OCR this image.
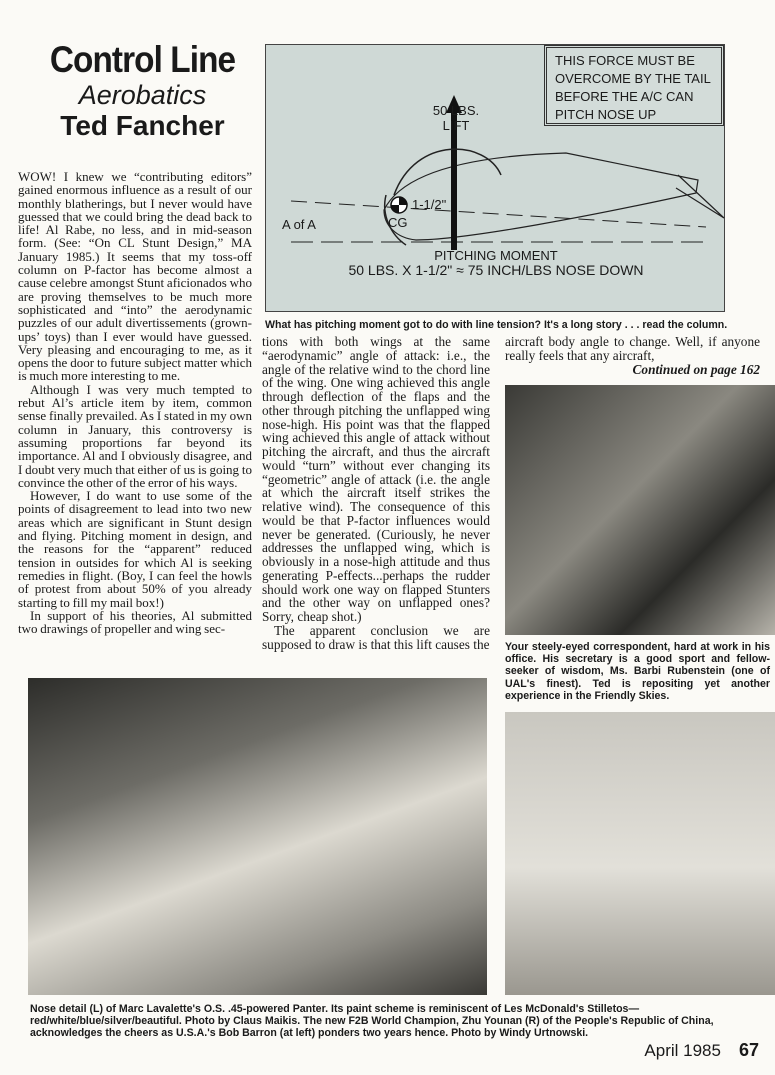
Control Line
Aerobatics
Ted Fancher

WOW! I knew we “contributing editors” gained enormous influence as a result of our monthly blatherings, but I never would have guessed that we could bring the dead back to life! Al Rabe, no less, and in mid-season form. (See: “On CL Stunt Design,” MA January 1985.) It seems that my toss-off column on P-factor has become almost a cause celebre amongst Stunt aficionados who are proving themselves to be much more sophisticated and “into” the aerodynamic puzzles of our adult divertissements (grown-ups’ toys) than I ever would have guessed. Very pleasing and encouraging to me, as it opens the door to future subject matter which is much more interesting to me.

Although I was very much tempted to rebut Al’s article item by item, common sense finally prevailed. As I stated in my own column in January, this controversy is assuming proportions far beyond its importance. Al and I obviously disagree, and I doubt very much that either of us is going to convince the other of the error of his ways.

However, I do want to use some of the points of disagreement to lead into two new areas which are significant in Stunt design and flying. Pitching moment in design, and the reasons for the “apparent” reduced tension in outsides for which Al is seeking remedies in flight. (Boy, I can feel the howls of protest from about 50% of you already starting to fill my mail box!)

In support of his theories, Al submitted two drawings of propeller and wing sec-

THIS FORCE MUST BE OVERCOME BY THE TAIL BEFORE THE A/C CAN PITCH NOSE UP
50 LBS.
LIFT
1-1/2"
CG
A of A
PITCHING MOMENT
50 LBS. X 1-1/2" ≈ 75 INCH/LBS NOSE DOWN
What has pitching moment got to do with line tension? It's a long story . . . read the column.

tions with both wings at the same “aerodynamic” angle of attack: i.e., the angle of the relative wind to the chord line of the wing. One wing achieved this angle through deflection of the flaps and the other through pitching the unflapped wing nose-high. His point was that the flapped wing achieved this angle of attack without pitching the aircraft, and thus the aircraft would “turn” without ever changing its “geometric” angle of attack (i.e. the angle at which the aircraft itself strikes the relative wind). The consequence of this would be that P-factor influences would never be generated. (Curiously, he never addresses the unflapped wing, which is obviously in a nose-high attitude and thus generating P-effects...perhaps the rudder should work one way on flapped Stunters and the other way on unflapped ones? Sorry, cheap shot.)

The apparent conclusion we are supposed to draw is that this lift causes the

aircraft body angle to change. Well, if anyone really feels that any aircraft,

Continued on page 162

Your steely-eyed correspondent, hard at work in his office. His secretary is a good sport and fellow-seeker of wisdom, Ms. Barbi Rubenstein (one of UAL's finest). Ted is repositing yet another experience in the Friendly Skies.
Nose detail (L) of Marc Lavalette's O.S. .45-powered Panter. Its paint scheme is reminiscent of Les McDonald's Stilletos—red/white/blue/silver/beautiful. Photo by Claus Maikis. The new F2B World Champion, Zhu Younan (R) of the People's Republic of China, acknowledges the cheers as U.S.A.'s Bob Barron (at left) ponders two years hence. Photo by Windy Urtnowski.
April 1985 67
